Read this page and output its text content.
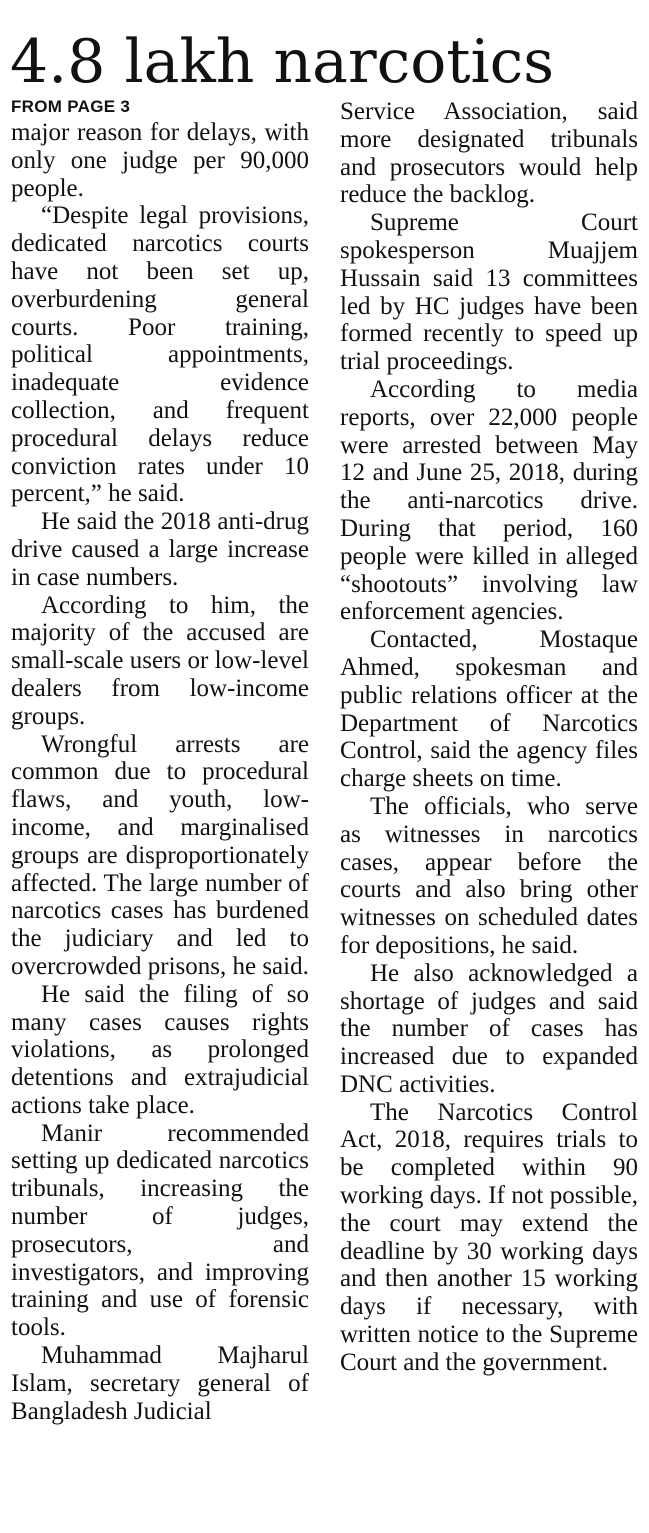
4.8 lakh narcotics
FROM PAGE 3

major reason for delays, with only one judge per 90,000 people.

“Despite legal provisions, dedicated narcotics courts have not been set up, overburdening general courts. Poor training, political appointments, inadequate evidence collection, and frequent procedural delays reduce conviction rates under 10 percent,” he said.

He said the 2018 anti-drug drive caused a large increase in case numbers.

According to him, the majority of the accused are small-scale users or low-level dealers from low-income groups.

Wrongful arrests are common due to procedural flaws, and youth, low-income, and marginalised groups are disproportionately affected. The large number of narcotics cases has burdened the judiciary and led to overcrowded prisons, he said.

He said the filing of so many cases causes rights violations, as prolonged detentions and extrajudicial actions take place.

Manir recommended setting up dedicated narcotics tribunals, increasing the number of judges, prosecutors, and investigators, and improving training and use of forensic tools.

Muhammad Majharul Islam, secretary general of Bangladesh Judicial

Service Association, said more designated tribunals and prosecutors would help reduce the backlog.

Supreme Court spokesperson Muajjem Hussain said 13 committees led by HC judges have been formed recently to speed up trial proceedings.

According to media reports, over 22,000 people were arrested between May 12 and June 25, 2018, during the anti-narcotics drive. During that period, 160 people were killed in alleged “shootouts” involving law enforcement agencies.

Contacted, Mostaque Ahmed, spokesman and public relations officer at the Department of Narcotics Control, said the agency files charge sheets on time.

The officials, who serve as witnesses in narcotics cases, appear before the courts and also bring other witnesses on scheduled dates for depositions, he said.

He also acknowledged a shortage of judges and said the number of cases has increased due to expanded DNC activities.

The Narcotics Control Act, 2018, requires trials to be completed within 90 working days. If not possible, the court may extend the deadline by 30 working days and then another 15 working days if necessary, with written notice to the Supreme Court and the government.
